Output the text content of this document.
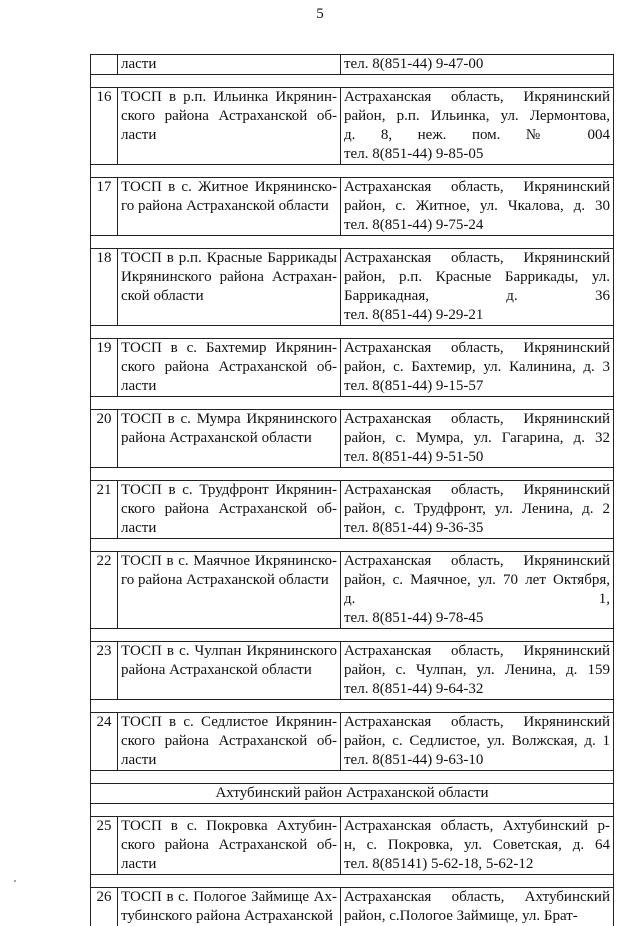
5

	ласти	тел. 8(851-44) 9-47-00

16	ТОСП в р.п. Ильинка Икрянин-
ского района Астраханской об-
ласти	Астраханская область, Икрянинский
район, р.п. Ильинка, ул. Лермонтова,
д. 8, неж. пом. № 004
тел. 8(851-44) 9-85-05

17	ТОСП в с. Житное Икрянинско-
го района Астраханской области	Астраханская область, Икрянинский
район, с. Житное, ул. Чкалова, д. 30
тел. 8(851-44) 9-75-24

18	ТОСП в р.п. Красные Баррикады
Икрянинского района Астрахан-
ской области	Астраханская область, Икрянинский
район, р.п. Красные Баррикады, ул.
Баррикадная, д. 36
тел. 8(851-44) 9-29-21

19	ТОСП в с. Бахтемир Икрянин-
ского района Астраханской об-
ласти	Астраханская область, Икрянинский
район, с. Бахтемир, ул. Калинина, д. 3
тел. 8(851-44) 9-15-57

20	ТОСП в с. Мумра Икрянинского
района Астраханской области	Астраханская область, Икрянинский
район, с. Мумра, ул. Гагарина, д. 32
тел. 8(851-44) 9-51-50

21	ТОСП в с. Трудфронт Икрянин-
ского района Астраханской об-
ласти	Астраханская область, Икрянинский
район, с. Трудфронт, ул. Ленина, д. 2
тел. 8(851-44) 9-36-35

22	ТОСП в с. Маячное Икрянинско-
го района Астраханской области	Астраханская область, Икрянинский
район, с. Маячное, ул. 70 лет Октября,
д. 1,
тел. 8(851-44) 9-78-45

23	ТОСП в с. Чулпан Икрянинского
района Астраханской области	Астраханская область, Икрянинский
район, с. Чулпан, ул. Ленина, д. 159
тел. 8(851-44) 9-64-32

24	ТОСП в с. Седлистое Икрянин-
ского района Астраханской об-
ласти	Астраханская область, Икрянинский
район, с. Седлистое, ул. Волжская, д. 1
тел. 8(851-44) 9-63-10

Ахтубинский район Астраханской области		

25	ТОСП в с. Покровка Ахтубин-
ского района Астраханской об-
ласти	Астраханская область, Ахтубинский р-
н, с. Покровка, ул. Советская, д. 64
тел. 8(85141) 5-62-18, 5-62-12

26	ТОСП в с. Пологое Займище Ах-
тубинского района Астраханской	Астраханская область, Ахтубинский
район, с.Пологое Займище, ул. Брат-
